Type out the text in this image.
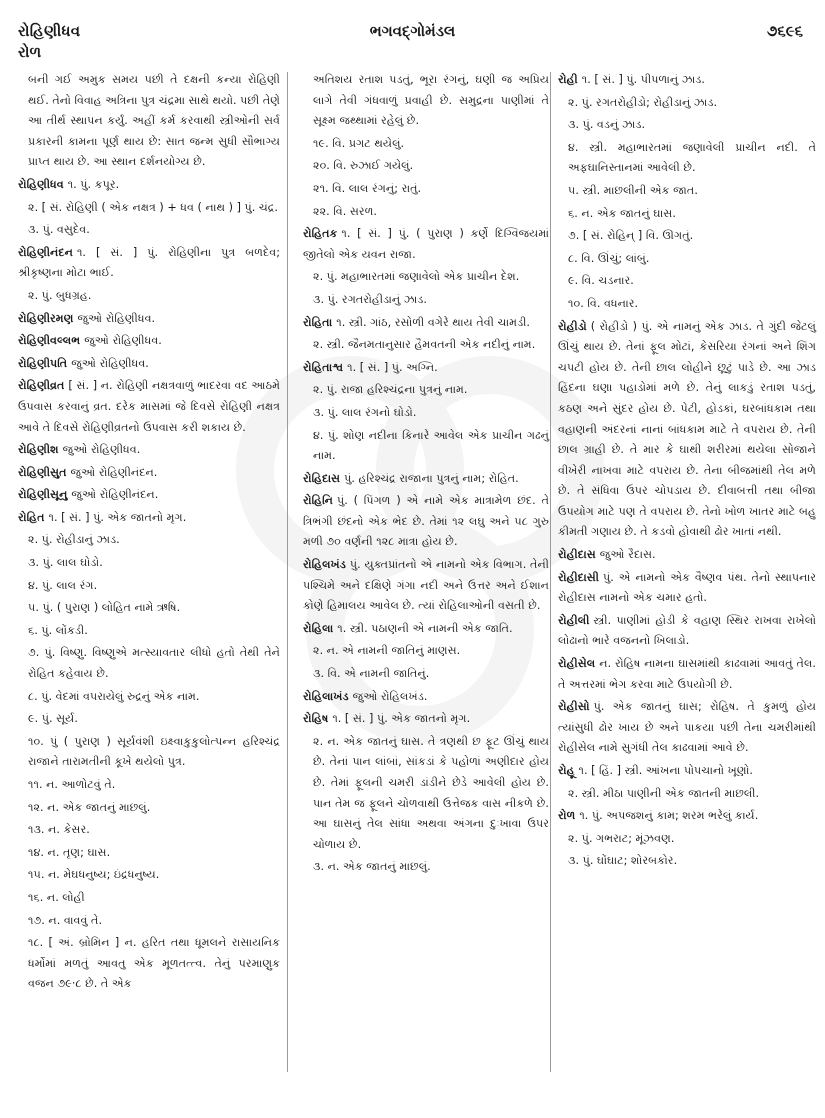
રોહિણીધવ
રોળ
ભગવદ્ગોમંડલ	૭૬૯૬
બની ગઈ અમુક સમય પછી તે દક્ષની કન્યા રોહિણી થઈ. તેનો વિવાહ અત્રિના પુત્ર ચંદ્રમા સાથે થયો. પછી તેણે આ તીર્થ સ્થાપન કર્યું. અહીં કર્મ કરવાથી સ્ત્રીઓની સર્વ પ્રકારની કામના પૂર્ણ થાય છે: સાત જન્મ સુધી સૌભાગ્ય પ્રાપ્ત થાય છે. આ સ્થાન દર્શનયોગ્ય છે.
રોહિણીધવ ૧. પું. કપૂર.
૨. [ સં. રોહિણી ( એક નક્ષત્ર ) + ધવ ( નાથ ) ] પું. ચંદ્ર.
૩. પું. વસુદેવ.
રોહિણીનંદન ૧. [ સં. ] પું. રોહિણીના પુત્ર બળદેવ; શ્રીકૃષ્ણના મોટા ભાઈ.
૨. પું. બુધગ્રહ.
રોહિણીરમણ જુઓ રોહિણીધવ.
રોહિણીવલ્લભ જુઓ રોહિણીધવ.
રોહિણીપતિ જુઓ રોહિણીધવ.
રોહિણીવ્રત [ સં. ] ન. રોહિણી નક્ષત્રવાળું ભાદરવા વદ આઠમે ઉપવાસ કરવાનું વ્રત. દરેક માસમાં જે દિવસે રોહિણી નક્ષત્ર આવે તે દિવસે રોહિણીવ્રતનો ઉપવાસ કરી શકાય છે.
રોહિણીશ જુઓ રોહિણીધવ.
રોહિણીસુત જુઓ રોહિણીનંદન.
રોહિણીસૂનુ જુઓ રોહિણીનંદન.
રોહિત ૧. [ સં. ] પું. એક જાતનો મૃગ.
૨. પું. રોહીડાનું ઝાડ.
૩. પું. લાલ ઘોડો.
૪. પું. લાલ રંગ.
૫. પું. ( પુરાણ ) લોહિત નામે ઋષિ.
૬. પું. લોંકડી.
૭. પું. વિષ્ણુ. વિષ્ણુએ મત્સ્યાવતાર લીધો હતો તેથી તેને રોહિત કહેવાય છે.
૮. પું. વેદમાં વપરાયેલું રુદ્રનું એક નામ.
૯. પું. સૂર્ય.
૧૦. પું ( પુરાણ ) સૂર્યવંશી ઇક્ષ્વાકુકુલોત્પન્ન હરિશ્ચંદ્ર રાજાને તારામતીની કૂખે થયેલો પુત્ર.
૧૧. ન. આળોટવું તે.
૧૨. ન. એક જાતનું માછલું.
૧૩. ન. કેસર.
૧૪. ન. તૃણ; ઘાસ.
૧૫. ન. મેઘધનુષ્ય; ઇંદ્રધનુષ્ય.
૧૬. ન. લોહી
૧૭. ન. વાવવું તે.
૧૮. [ અં. બ્રોમિન ] ન. હરિત તથા ધૂમલને રાસાયનિક ધર્મોમાં મળતું આવતુ એક મૂળતત્ત્વ. તેનું પરમાણુક વજન ૭૯·૮ છે. તે એક
અતિશય રતાશ પડતું, ભૂરા રંગનું, ઘણી જ અપ્રિય લાગે તેવી ગંધવાળું પ્રવાહી છે. સમુદ્રના પાણીમાં તે સૂક્ષ્મ જથ્થામાં રહેલું છે.
૧૯. વિ. પ્રગટ થયેલું.
૨૦. વિ. રુઝાઈ ગયેલું.
૨૧. વિ. લાલ રંગનું; રાતું.
૨૨. વિ. સરળ.
રોહિતક ૧. [ સં. ] પું. ( પુરાણ ) કર્ણે દિગ્વિજયમાં જીતેલો એક યવન રાજા.
૨. પું. મહાભારતમાં જણાવેલો એક પ્રાચીન દેશ.
૩. પું. રગતરોહીડાનું ઝાડ.
રોહિતા ૧. સ્ત્રી. ગાંઠ, રસોળી વગેરે થાય તેવી ચામડી.
૨. સ્ત્રી. જૈનમતાનુસાર હૈમવતની એક નદીનું નામ.
રોહિતાશ્વ ૧. [ સં. ] પું. અગ્નિ.
૨. પું. રાજા હરિશ્ચંદ્રના પુત્રનું નામ.
૩. પું. લાલ રંગનો ઘોડો.
૪. પું. શોણ નદીના કિનારે આવેલ એક પ્રાચીન ગઢનું નામ.
રોહિદાસ પું. હરિશ્ચંદ્ર રાજાના પુત્રનું નામ; રોહિત.
રોહિનિ પું. ( પિંગળ ) એ નામે એક માત્રામેળ છંદ. તે ત્રિભંગી છંદનો એક ભેદ છે. તેમાં ૧૨ લઘુ અને ૫૮ ગુરુ મળી ૭૦ વર્ણની ૧૨૮ માત્રા હોય છે.
રોહિલખંડ પું. યુક્તપ્રાંતનો એ નામનો એક વિભાગ. તેની પશ્ચિમે અને દક્ષિણે ગંગા નદી અને ઉત્તર અને ઈશાન કોણે હિમાલય આવેલ છે. ત્યાં રોહિલાઓની વસતી છે.
રોહિલા ૧. સ્ત્રી. પઠાણની એ નામની એક જાતિ.
૨. ન. એ નામની જાતિનું માણસ.
૩. વિ. એ નામની જાતિનું.
રોહિલાખંડ જુઓ રોહિલખંડ.
રોહિષ ૧. [ સં. ] પું. એક જાતનો મૃગ.
૨. ન. એક જાતનું ઘાસ. તે ત્રણથી છ ફૂટ ઊંચું થાય છે. તેનાં પાન લાંબાં, સાંકડાં કે પહોળાં અણીદાર હોય છે. તેમાં ફૂલની ચમરી ડાંડીને છેડે આવેલી હોય છે. પાન તેમ જ ફૂલને ચોળવાથી ઉત્તેજક વાસ નીકળે છે. આ ઘાસનું તેલ સાંધા અથવા અંગના દુઃખાવા ઉપર ચોળાય છે.
૩. ન. એક જાતનું માછલું.
રોહી ૧. [ સં. ] પું. પીપળાનું ઝાડ.
૨. પું. રગતરોહીડો; રોહીડાનું ઝાડ.
૩. પું. વડનું ઝાડ.
૪. સ્ત્રી. મહાભારતમાં જણાવેલી પ્રાચીન નદી. તે અફઘાનિસ્તાનમાં આવેલી છે.
૫. સ્ત્રી. માછલીની એક જાત.
૬. ન. એક જાતનું ઘાસ.
૭. [ સં. રોહિન્ ] વિ. ઊગતું.
૮. વિ. ઊંચું; લાંબું.
૯. વિ. ચડનાર.
૧૦. વિ. વધનાર.
રોહીડો ( રોહીડો ) પું. એ નામનું એક ઝાડ. તે ગુંદી જેટલું ઊંચું થાય છે. તેનાં ફૂલ મોટાં, કેસરિયા રંગનાં અને શિંગ ચપટી હોય છે. તેની છાલ લોહીને છૂટું પાડે છે. આ ઝાડ હિંદના ઘણા પહાડોમાં મળે છે. તેનું લાકડું રતાશ પડતું, કઠણ અને સુંદર હોય છે. પેટી, હોડકાં, ઘરબાંધકામ તથા વહાણની અંદરનાં નાનાં બાંધકામ માટે તે વપરાય છે. તેની છાલ ગ્રાહી છે. તે માર કે ઘાથી શરીરમાં થયેલા સોજાને વીખેરી નાખવા માટે વપરાય છે. તેના બીજમાંથી તેલ મળે છે. તે સંધિવા ઉપર ચોપડાય છે. દીવાબત્તી તથા બીજા ઉપયોગ માટે પણ તે વપરાય છે. તેનો ખોળ ખાતર માટે બહુ કીમતી ગણાય છે. તે કડવો હોવાથી ઢોર ખાતાં નથી.
રોહીદાસ જુઓ રૈદાસ.
રોહીદાસી પું. એ નામનો એક વૈષ્ણવ પંથ. તેનો સ્થાપનાર રોહીદાસ નામનો એક ચમાર હતો.
રોહીલી સ્ત્રી. પાણીમાં હોડી કે વહાણ સ્થિર રાખવા રાખેલો લોઢાનો ભારે વજનનો ખિલાડો.
રોહીસેલ ન. રોહિષ નામના ઘાસમાંથી કાઢવામાં આવતું તેલ. તે અત્તરમાં ભેગ કરવા માટે ઉપયોગી છે.
રોહીસો પું. એક જાતનું ઘાસ; રોહિષ. તે કુમળું હોય ત્યાંસુધી ઢોર ખાય છે અને પાકયા પછી તેના ચમરીમાંથી રોહીસેલ નામે સુગંધી તેલ કાઢવામાં આવે છે.
રોહૂ ૧. [ હિં. ] સ્ત્રી. આંખના પોપચાનો ખૂણો.
૨. સ્ત્રી. મીઠા પાણીની એક જાતની માછલી.
રોળ ૧. પું. અપજશનું કામ; શરમ ભરેલું કાર્ય.
૨. પું. ગભરાટ; મૂંઝવણ.
૩. પું. ઘોંઘાટ; શોરબકોર.
